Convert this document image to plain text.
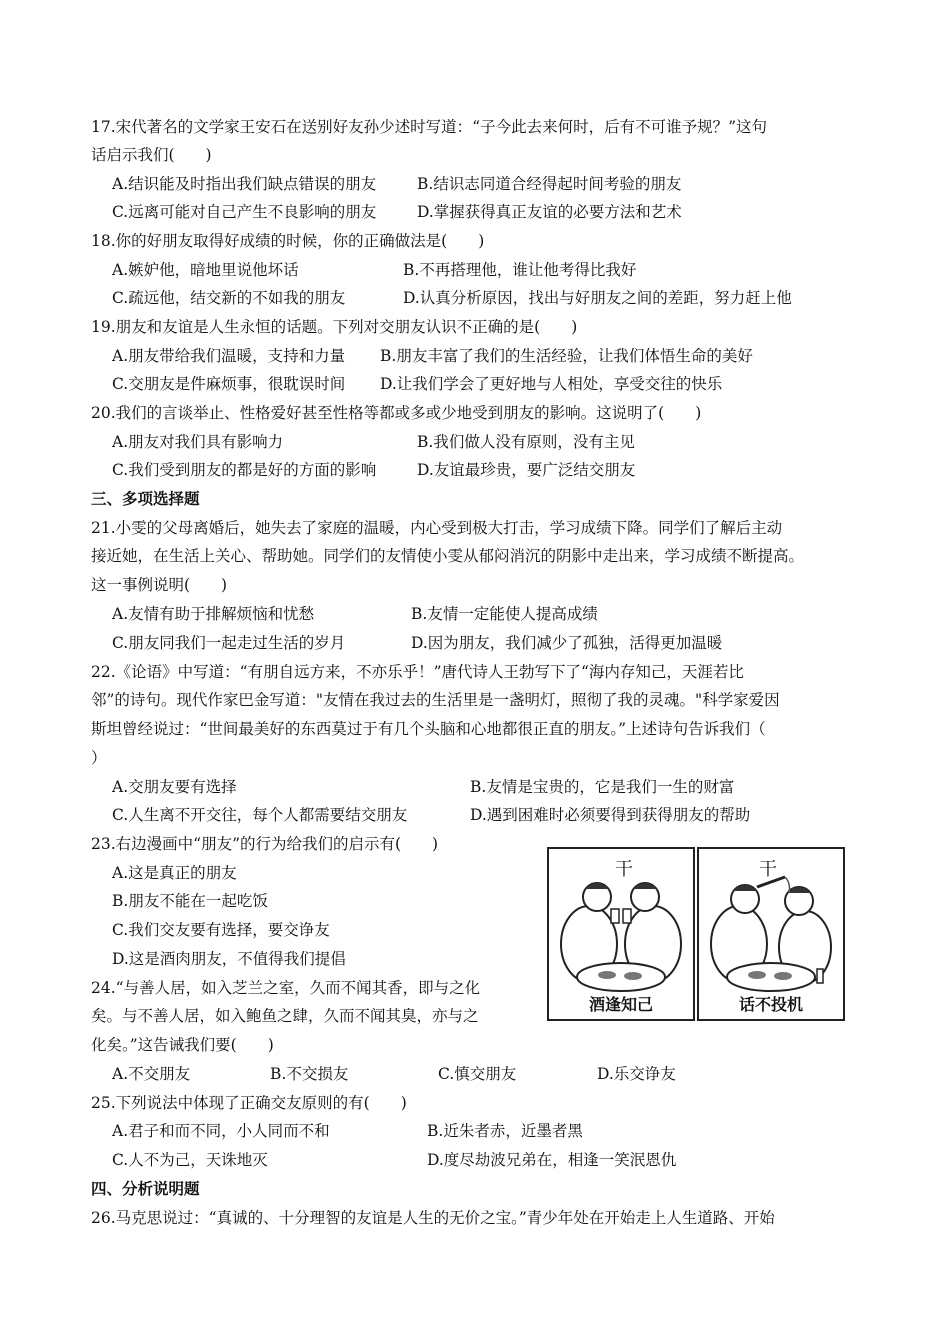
17.宋代著名的文学家王安石在送别好友孙少述时写道：“子今此去来何时，后有不可谁予规？”这句
话启示我们(　　)
A.结识能及时指出我们缺点错误的朋友	B.结识志同道合经得起时间考验的朋友
C.远离可能对自己产生不良影响的朋友	D.掌握获得真正友谊的必要方法和艺术
18.你的好朋友取得好成绩的时候，你的正确做法是(　　)
A.嫉妒他，暗地里说他坏话	B.不再搭理他，谁让他考得比我好
C.疏远他，结交新的不如我的朋友	D.认真分析原因，找出与好朋友之间的差距，努力赶上他
19.朋友和友谊是人生永恒的话题。下列对交朋友认识不正确的是(　　)
A.朋友带给我们温暖，支持和力量 B.朋友丰富了我们的生活经验，让我们体悟生命的美好
C.交朋友是件麻烦事，很耽误时间 D.让我们学会了更好地与人相处，享受交往的快乐
20.我们的言谈举止、性格爱好甚至性格等都或多或少地受到朋友的影响。这说明了(　　)
A.朋友对我们具有影响力	B.我们做人没有原则，没有主见
C.我们受到朋友的都是好的方面的影响	D.友谊最珍贵，要广泛结交朋友
三、多项选择题
21.小雯的父母离婚后，她失去了家庭的温暖，内心受到极大打击，学习成绩下降。同学们了解后主动
接近她，在生活上关心、帮助她。同学们的友情使小雯从郁闷消沉的阴影中走出来，学习成绩不断提高。
这一事例说明(　　)
A.友情有助于排解烦恼和忧愁	B.友情一定能使人提高成绩
C.朋友同我们一起走过生活的岁月	D.因为朋友，我们减少了孤独，活得更加温暖
22.《论语》中写道：“有朋自远方来，不亦乐乎！”唐代诗人王勃写下了“海内存知己，天涯若比
邻”的诗句。现代作家巴金写道："友情在我过去的生活里是一盏明灯，照彻了我的灵魂。"科学家爱因
斯坦曾经说过：“世间最美好的东西莫过于有几个头脑和心地都很正直的朋友。”上述诗句告诉我们（
）
A.交朋友要有选择	B.友情是宝贵的，它是我们一生的财富
C.人生离不开交往，每个人都需要结交朋友	D.遇到困难时必须要得到获得朋友的帮助
23.右边漫画中“朋友”的行为给我们的启示有(　　)
A.这是真正的朋友
B.朋友不能在一起吃饭
C.我们交友要有选择，要交诤友
D.这是酒肉朋友，不值得我们提倡
干
酒逢知己
干
话不投机
24.“与善人居，如入芝兰之室，久而不闻其香，即与之化
矣。与不善人居，如入鲍鱼之肆，久而不闻其臭，亦与之
化矣。”这告诫我们要(　　)
A.不交朋友	B.不交损友	C.慎交朋友	D.乐交诤友
25.下列说法中体现了正确交友原则的有(　　)
A.君子和而不同，小人同而不和	B.近朱者赤，近墨者黑
C.人不为己，天诛地灭	D.度尽劫波兄弟在，相逢一笑泯恩仇
四、分析说明题
26.马克思说过：“真诚的、十分理智的友谊是人生的无价之宝。”青少年处在开始走上人生道路、开始
